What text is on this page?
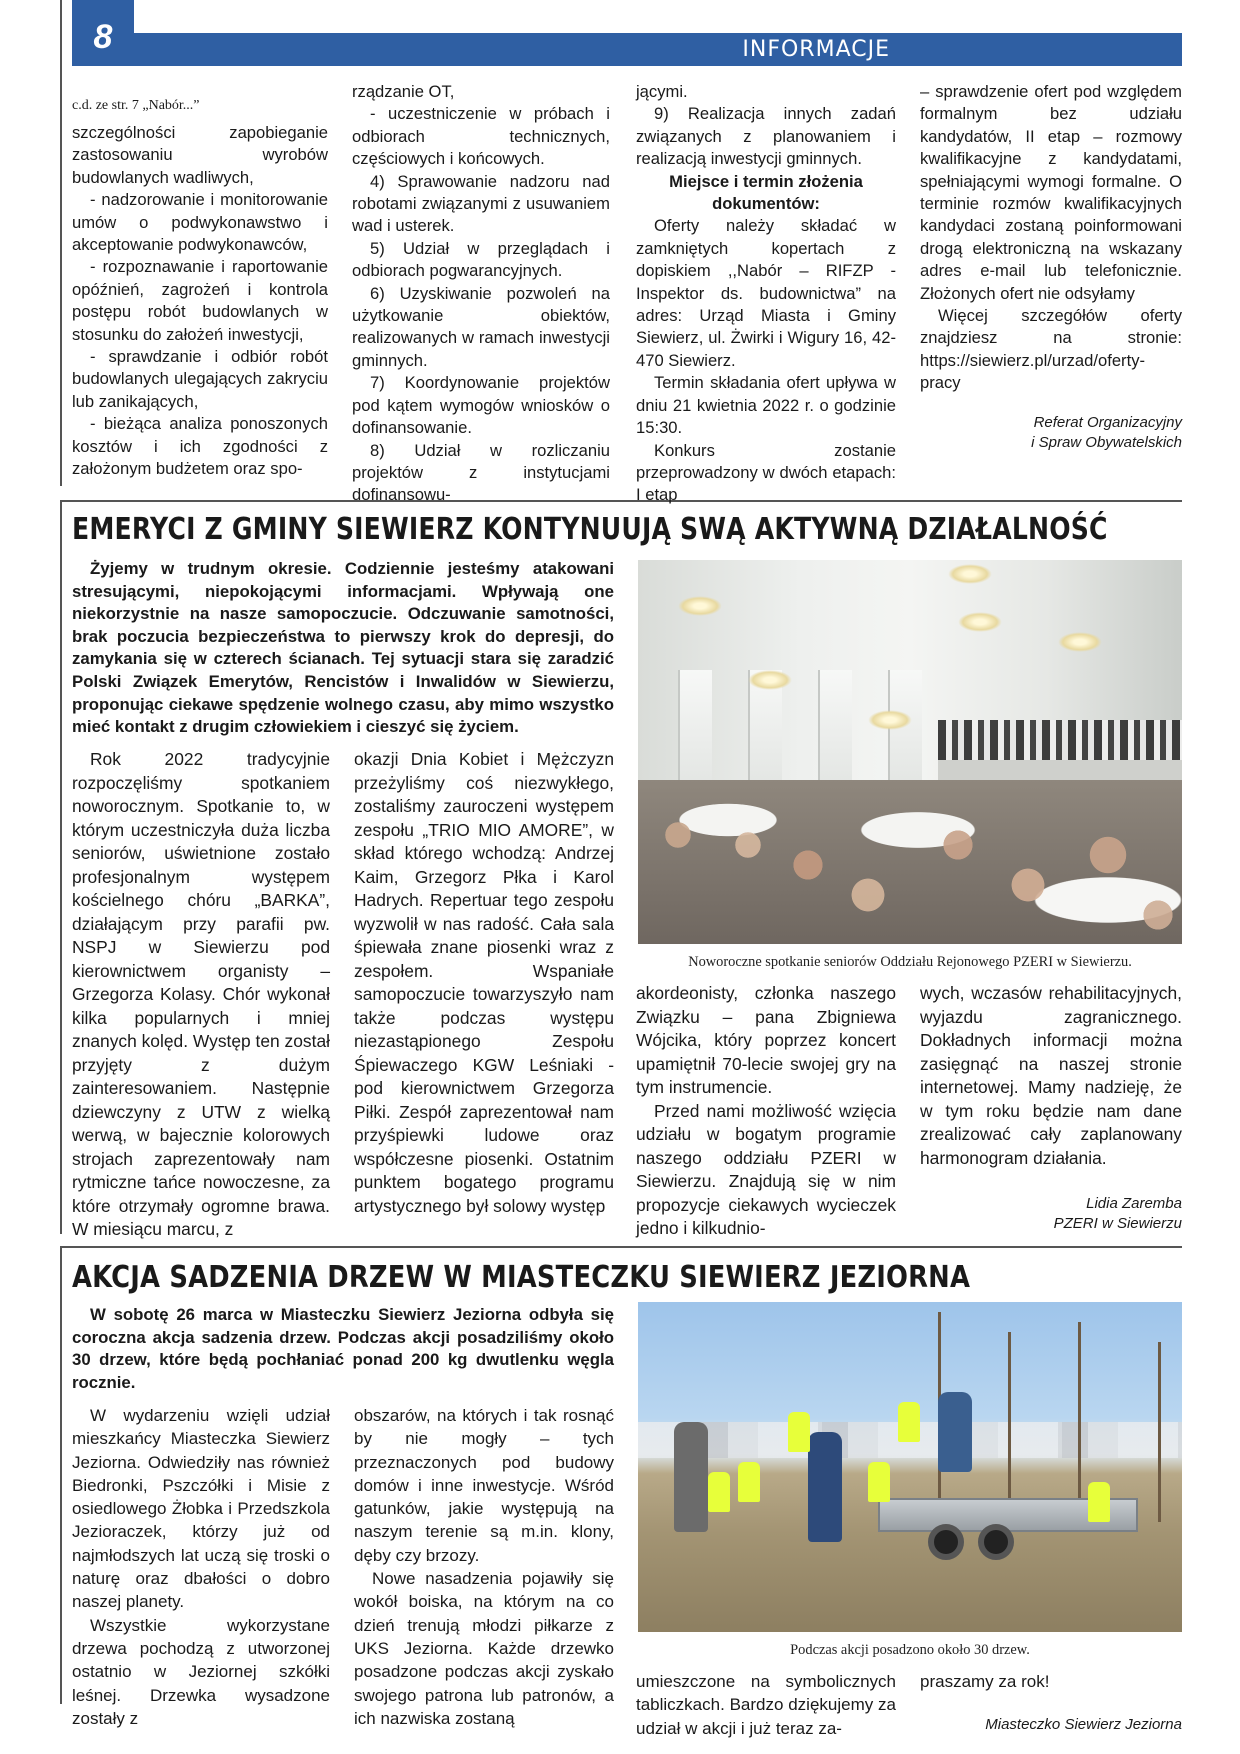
8	INFORMACJE

c.d. ze str. 7 „Nabór...”

szczególności zapobieganie zastosowaniu wyrobów budowlanych wadliwych,

- nadzorowanie i monitorowanie umów o podwykonawstwo i akceptowanie podwykonawców,

- rozpoznawanie i raportowanie opóźnień, zagrożeń i kontrola postępu robót budowlanych w stosunku do założeń inwestycji,

- sprawdzanie i odbiór robót budowlanych ulegających zakryciu lub zanikających,

- bieżąca analiza ponoszonych kosztów i ich zgodności z założonym budżetem oraz spo-

rządzanie OT,

- uczestniczenie w próbach i odbiorach technicznych, częściowych i końcowych.

4) Sprawowanie nadzoru nad robotami związanymi z usuwaniem wad i usterek.

5) Udział w przeglądach i odbiorach pogwarancyjnych.

6) Uzyskiwanie pozwoleń na użytkowanie obiektów, realizowanych w ramach inwestycji gminnych.

7) Koordynowanie projektów pod kątem wymogów wniosków o dofinansowanie.

8) Udział w rozliczaniu projektów z instytucjami dofinansowu-

jącymi.

9) Realizacja innych zadań związanych z planowaniem i realizacją inwestycji gminnych.

Miejsce i termin złożenia dokumentów:

Oferty należy składać w zamkniętych kopertach z dopiskiem ,,Nabór – RIFZP - Inspektor ds. budownictwa” na adres: Urząd Miasta i Gminy Siewierz, ul. Żwirki i Wigury 16, 42-470 Siewierz.

Termin składania ofert upływa w dniu 21 kwietnia 2022 r. o godzinie 15:30.

Konkurs zostanie przeprowadzony w dwóch etapach: I etap

– sprawdzenie ofert pod względem formalnym bez udziału kandydatów, II etap – rozmowy kwalifikacyjne z kandydatami, spełniającymi wymogi formalne. O terminie rozmów kwalifikacyjnych kandydaci zostaną poinformowani drogą elektroniczną na wskazany adres e-mail lub telefonicznie. Złożonych ofert nie odsyłamy

Więcej szczegółów oferty znajdziesz na stronie: https://siewierz.pl/urzad/oferty-pracy

Referat Organizacyjny

i Spraw Obywatelskich

EMERYCI Z GMINY SIEWIERZ KONTYNUUJĄ SWĄ AKTYWNĄ DZIAŁALNOŚĆ

Żyjemy w trudnym okresie. Codziennie jesteśmy atakowani stresującymi, niepokojącymi informacjami. Wpływają one niekorzystnie na nasze samopoczucie. Odczuwanie samotności, brak poczucia bezpieczeństwa to pierwszy krok do depresji, do zamykania się w czterech ścianach. Tej sytuacji stara się zaradzić Polski Związek Emerytów, Rencistów i Inwalidów w Siewierzu, proponując ciekawe spędzenie wolnego czasu, aby mimo wszystko mieć kontakt z drugim człowiekiem i cieszyć się życiem.

Rok 2022 tradycyjnie rozpoczęliśmy spotkaniem noworocznym. Spotkanie to, w którym uczestniczyła duża liczba seniorów, uświetnione zostało profesjonalnym występem kościelnego chóru „BARKA”, działającym przy parafii pw. NSPJ w Siewierzu pod kierownictwem organisty – Grzegorza Kolasy. Chór wykonał kilka popularnych i mniej znanych kolęd. Występ ten został przyjęty z dużym zainteresowaniem. Następnie dziewczyny z UTW z wielką werwą, w bajecznie kolorowych strojach zaprezentowały nam rytmiczne tańce nowoczesne, za które otrzymały ogromne brawa. W miesiącu marcu, z

okazji Dnia Kobiet i Mężczyzn przeżyliśmy coś niezwykłego, zostaliśmy zauroczeni występem zespołu „TRIO MIO AMORE”, w skład którego wchodzą: Andrzej Kaim, Grzegorz Płka i Karol Hadrych. Repertuar tego zespołu wyzwolił w nas radość. Cała sala śpiewała znane piosenki wraz z zespołem. Wspaniałe samopoczucie towarzyszyło nam także podczas występu niezastąpionego Zespołu Śpiewaczego KGW Leśniaki - pod kierownictwem Grzegorza Piłki. Zespół zaprezentował nam przyśpiewki ludowe oraz współczesne piosenki. Ostatnim punktem bogatego programu artystycznego był solowy występ

Noworoczne spotkanie seniorów Oddziału Rejonowego PZERI w Siewierzu.

akordeonisty, członka naszego Związku – pana Zbigniewa Wójcika, który poprzez koncert upamiętnił 70-lecie swojej gry na tym instrumencie.

Przed nami możliwość wzięcia udziału w bogatym programie naszego oddziału PZERI w Siewierzu. Znajdują się w nim propozycje ciekawych wycieczek jedno i kilkudnio-

wych, wczasów rehabilitacyjnych, wyjazdu zagranicznego. Dokładnych informacji można zasięgnąć na naszej stronie internetowej. Mamy nadzieję, że w tym roku będzie nam dane zrealizować cały zaplanowany harmonogram działania.

Lidia Zaremba

PZERI w Siewierzu

AKCJA SADZENIA DRZEW W MIASTECZKU SIEWIERZ JEZIORNA

W sobotę 26 marca w Miasteczku Siewierz Jeziorna odbyła się coroczna akcja sadzenia drzew. Podczas akcji posadziliśmy około 30 drzew, które będą pochłaniać ponad 200 kg dwutlenku węgla rocznie.

W wydarzeniu wzięli udział mieszkańcy Miasteczka Siewierz Jeziorna. Odwiedziły nas również Biedronki, Pszczółki i Misie z osiedlowego Żłobka i Przedszkola Jezioraczek, którzy już od najmłodszych lat uczą się troski o naturę oraz dbałości o dobro naszej planety.

Wszystkie wykorzystane drzewa pochodzą z utworzonej ostatnio w Jeziornej szkółki leśnej. Drzewka wysadzone zostały z

obszarów, na których i tak rosnąć by nie mogły – tych przeznaczonych pod budowy domów i inne inwestycje. Wśród gatunków, jakie występują na naszym terenie są m.in. klony, dęby czy brzozy.

Nowe nasadzenia pojawiły się wokół boiska, na którym na co dzień trenują młodzi piłkarze z UKS Jeziorna. Każde drzewko posadzone podczas akcji zyskało swojego patrona lub patronów, a ich nazwiska zostaną

Podczas akcji posadzono około 30 drzew.

umieszczone na symbolicznych tabliczkach. Bardzo dziękujemy za udział w akcji i już teraz za-

praszamy za rok!

Miasteczko Siewierz Jeziorna
